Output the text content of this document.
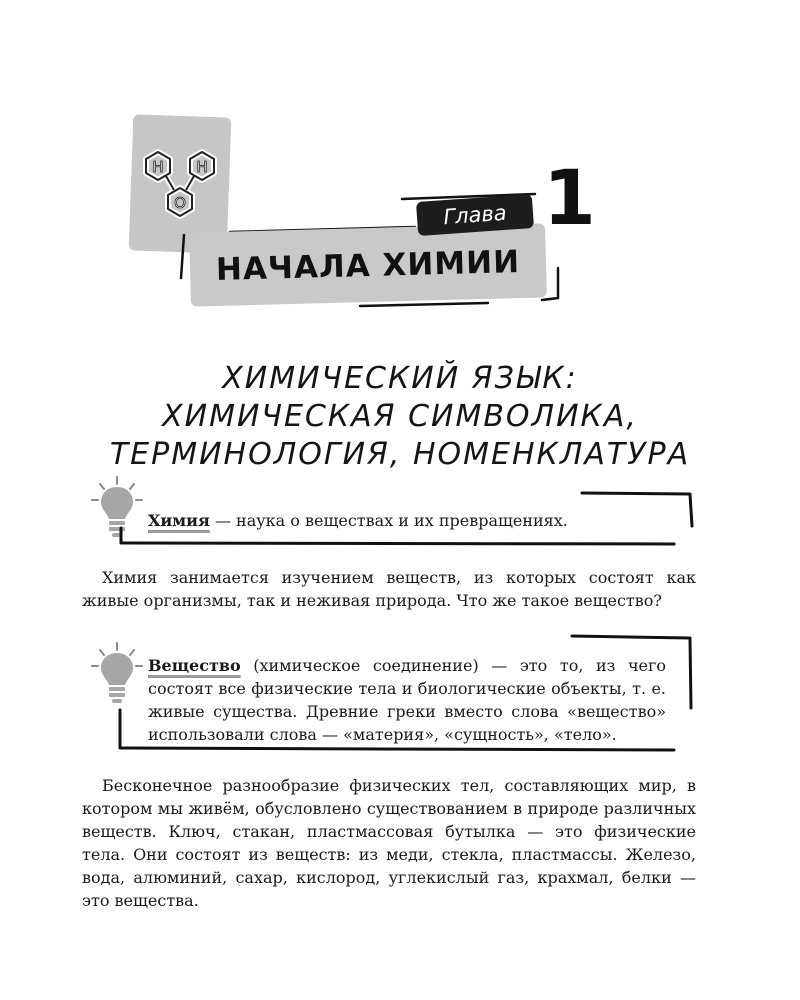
H H
O
НАЧАЛА ХИМИИ
Глава 1
ХИМИЧЕСКИЙ ЯЗЫК:
ХИМИЧЕСКАЯ СИМВОЛИКА,
ТЕРМИНОЛОГИЯ, НОМЕНКЛАТУРА
Химия — наука о веществах и их превращениях.
Химия занимается изучением веществ, из которых состоят как живые организмы, так и неживая природа. Что же такое вещество?
Вещество (химическое соединение) — это то, из чего состоят все физические тела и биологические объекты, т. е. живые существа. Древние греки вместо слова «вещество» использовали слова — «материя», «сущность», «тело».
Бесконечное разнообразие физических тел, составляющих мир, в котором мы живём, обусловлено существованием в природе различных веществ. Ключ, стакан, пластмассовая бутылка — это физические тела. Они состоят из веществ: из меди, стекла, пластмассы. Железо, вода, алюминий, сахар, кислород, углекислый газ, крахмал, белки — это вещества.
